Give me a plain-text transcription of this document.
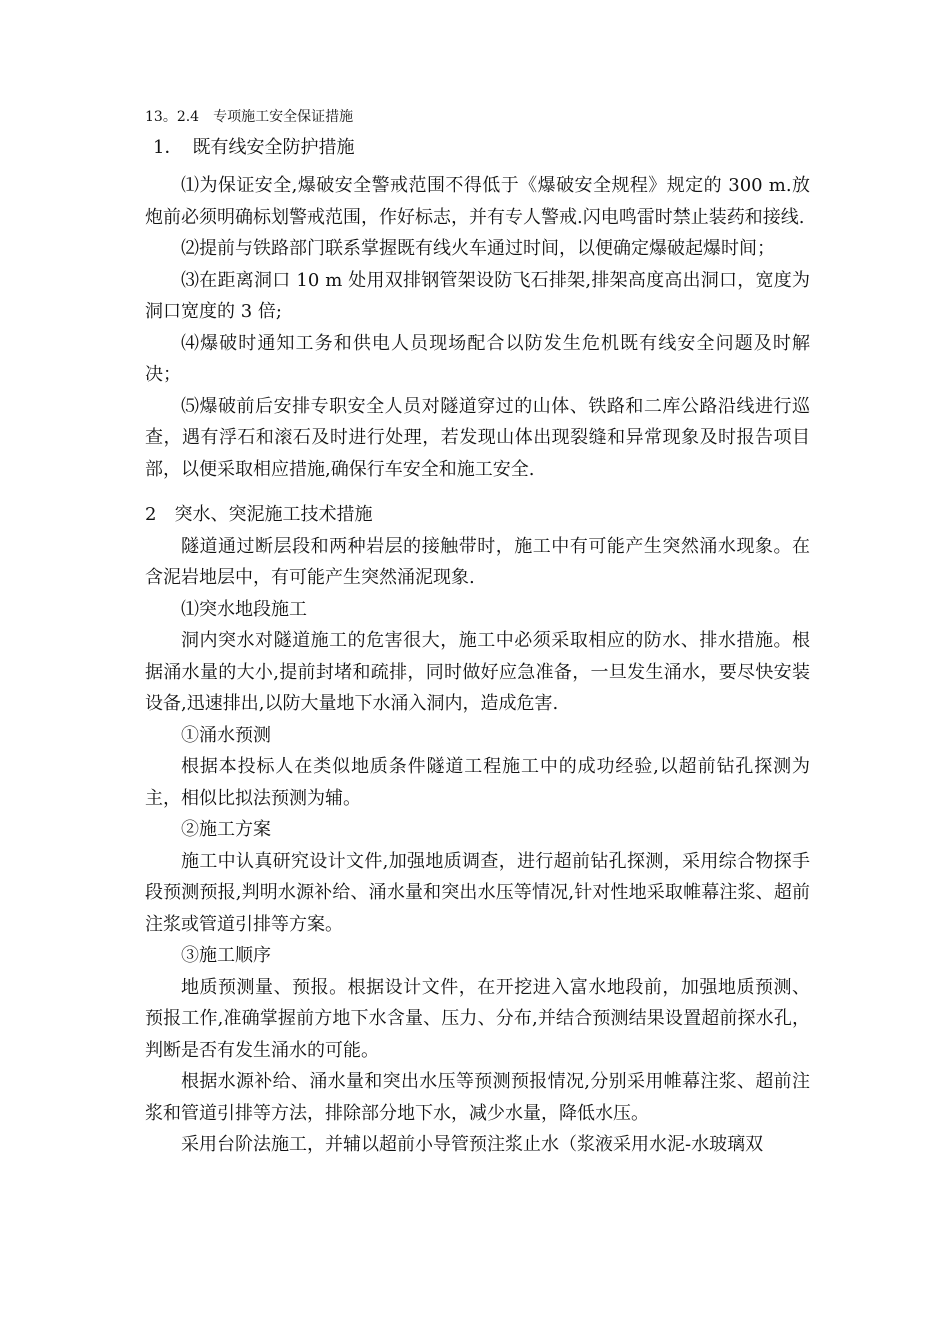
13。2.4 专项施工安全保证措施
1． 既有线安全防护措施

⑴为保证安全,爆破安全警戒范围不得低于《爆破安全规程》规定的 300 m.放炮前必须明确标划警戒范围，作好标志，并有专人警戒.闪电鸣雷时禁止装药和接线.

⑵提前与铁路部门联系掌握既有线火车通过时间，以便确定爆破起爆时间；

⑶在距离洞口 10 m 处用双排钢管架设防飞石排架,排架高度高出洞口，宽度为洞口宽度的 3 倍;

⑷爆破时通知工务和供电人员现场配合以防发生危机既有线安全问题及时解决；

⑸爆破前后安排专职安全人员对隧道穿过的山体、铁路和二库公路沿线进行巡查，遇有浮石和滚石及时进行处理，若发现山体出现裂缝和异常现象及时报告项目部，以便采取相应措施,确保行车安全和施工安全.

2 突水、突泥施工技术措施

隧道通过断层段和两种岩层的接触带时，施工中有可能产生突然涌水现象。在含泥岩地层中，有可能产生突然涌泥现象.

⑴突水地段施工

洞内突水对隧道施工的危害很大，施工中必须采取相应的防水、排水措施。根据涌水量的大小,提前封堵和疏排，同时做好应急准备，一旦发生涌水，要尽快安装设备,迅速排出,以防大量地下水涌入洞内，造成危害.

①涌水预测

根据本投标人在类似地质条件隧道工程施工中的成功经验,以超前钻孔探测为主，相似比拟法预测为辅。

②施工方案

施工中认真研究设计文件,加强地质调查，进行超前钻孔探测，采用综合物探手段预测预报,判明水源补给、涌水量和突出水压等情况,针对性地采取帷幕注浆、超前注浆或管道引排等方案。

③施工顺序

地质预测量、预报。根据设计文件，在开挖进入富水地段前，加强地质预测、预报工作,准确掌握前方地下水含量、压力、分布,并结合预测结果设置超前探水孔，判断是否有发生涌水的可能。

根据水源补给、涌水量和突出水压等预测预报情况,分别采用帷幕注浆、超前注浆和管道引排等方法，排除部分地下水，减少水量，降低水压。

采用台阶法施工，并辅以超前小导管预注浆止水（浆液采用水泥-水玻璃双
